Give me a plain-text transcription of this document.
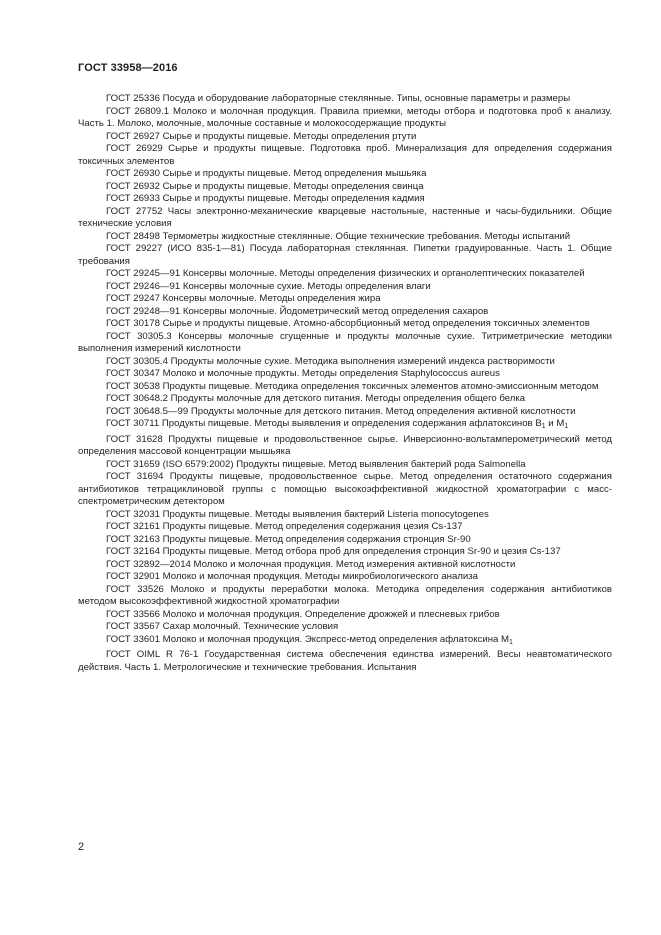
ГОСТ 33958—2016

ГОСТ 25336 Посуда и оборудование лабораторные стеклянные. Типы, основные параметры и размеры

ГОСТ 26809.1 Молоко и молочная продукция. Правила приемки, методы отбора и подготовка проб к анализу. Часть 1. Молоко, молочные, молочные составные и молокосодержащие продукты

ГОСТ 26927 Сырье и продукты пищевые. Методы определения ртути

ГОСТ 26929 Сырье и продукты пищевые. Подготовка проб. Минерализация для определения содержания токсичных элементов

ГОСТ 26930 Сырье и продукты пищевые. Метод определения мышьяка

ГОСТ 26932 Сырье и продукты пищевые. Методы определения свинца

ГОСТ 26933 Сырье и продукты пищевые. Методы определения кадмия

ГОСТ 27752 Часы электронно-механические кварцевые настольные, настенные и часы-будильники. Общие технические условия

ГОСТ 28498 Термометры жидкостные стеклянные. Общие технические требования. Методы испытаний

ГОСТ 29227 (ИСО 835-1—81) Посуда лабораторная стеклянная. Пипетки градуированные. Часть 1. Общие требования

ГОСТ 29245—91 Консервы молочные. Методы определения физических и органолептических показателей

ГОСТ 29246—91 Консервы молочные сухие. Методы определения влаги

ГОСТ 29247 Консервы молочные. Методы определения жира

ГОСТ 29248—91 Консервы молочные. Йодометрический метод определения сахаров

ГОСТ 30178 Сырье и продукты пищевые. Атомно-абсорбционный метод определения токсичных элементов

ГОСТ 30305.3 Консервы молочные сгущенные и продукты молочные сухие. Титриметрические методики выполнения измерений кислотности

ГОСТ 30305.4 Продукты молочные сухие. Методика выполнения измерений индекса растворимости

ГОСТ 30347 Молоко и молочные продукты. Методы определения Staphylococcus aureus

ГОСТ 30538 Продукты пищевые. Методика определения токсичных элементов атомно-эмиссионным методом

ГОСТ 30648.2 Продукты молочные для детского питания. Методы определения общего белка

ГОСТ 30648.5—99 Продукты молочные для детского питания. Метод определения активной кислотности

ГОСТ 30711 Продукты пищевые. Методы выявления и определения содержания афлатоксинов $B_1$ и $M_1$

ГОСТ 31628 Продукты пищевые и продовольственное сырье. Инверсионно-вольтамперометрический метод определения массовой концентрации мышьяка

ГОСТ 31659 (ISO 6579:2002) Продукты пищевые. Метод выявления бактерий рода Salmonella

ГОСТ 31694 Продукты пищевые, продовольственное сырье. Метод определения остаточного содержания антибиотиков тетрациклиновой группы с помощью высокоэффективной жидкостной хроматографии с масс-спектрометрическим детектором

ГОСТ 32031 Продукты пищевые. Методы выявления бактерий Listeria monocytogenes

ГОСТ 32161 Продукты пищевые. Метод определения содержания цезия Cs-137

ГОСТ 32163 Продукты пищевые. Метод определения содержания стронция Sr-90

ГОСТ 32164 Продукты пищевые. Метод отбора проб для определения стронция Sr-90 и цезия Cs-137

ГОСТ 32892—2014 Молоко и молочная продукция. Метод измерения активной кислотности

ГОСТ 32901 Молоко и молочная продукция. Методы микробиологического анализа

ГОСТ 33526 Молоко и продукты переработки молока. Методика определения содержания антибиотиков методом высокоэффективной жидкостной хроматографии

ГОСТ 33566 Молоко и молочная продукция. Определение дрожжей и плесневых грибов

ГОСТ 33567 Сахар молочный. Технические условия

ГОСТ 33601 Молоко и молочная продукция. Экспресс-метод определения афлатоксина $M_1$

ГОСТ OIML R 76-1 Государственная система обеспечения единства измерений. Весы неавтоматического действия. Часть 1. Метрологические и технические требования. Испытания

2
